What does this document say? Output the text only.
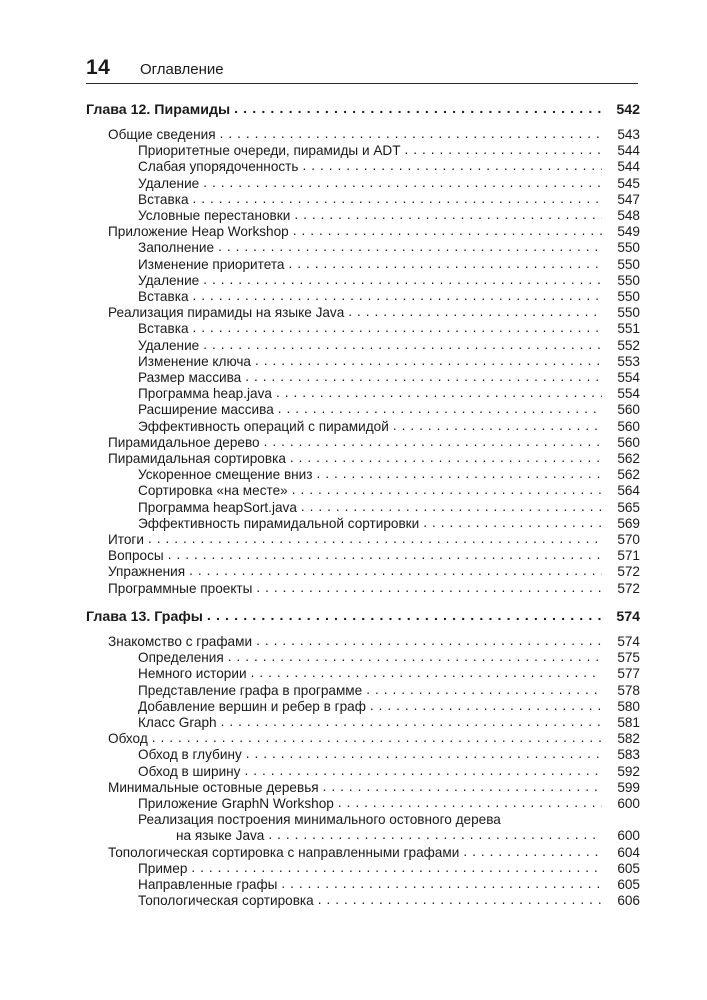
14 Оглавление
Глава 12. Пирамиды . . .	542
Общие сведения . . .	543
Приоритетные очереди, пирамиды и ADT . . .	544
Слабая упорядоченность . . .	544
Удаление . . .	545
Вставка . . .	547
Условные перестановки . . .	548
Приложение Heap Workshop . . .	549
Заполнение . . .	550
Изменение приоритета . . .	550
Удаление . . .	550
Вставка . . .	550
Реализация пирамиды на языке Java . . .	550
Вставка . . .	551
Удаление . . .	552
Изменение ключа . . .	553
Размер массива . . .	554
Программа heap.java . . .	554
Расширение массива . . .	560
Эффективность операций с пирамидой . . .	560
Пирамидальное дерево . . .	560
Пирамидальная сортировка . . .	562
Ускоренное смещение вниз . . .	562
Сортировка «на месте» . . .	564
Программа heapSort.java . . .	565
Эффективность пирамидальной сортировки . . .	569
Итоги . . .	570
Вопросы . . .	571
Упражнения . . .	572
Программные проекты . . .	572
Глава 13. Графы . . .	574
Знакомство с графами . . .	574
Определения . . .	575
Немного истории . . .	577
Представление графа в программе . . .	578
Добавление вершин и ребер в граф . . .	580
Класс Graph . . .	581
Обход . . .	582
Обход в глубину . . .	583
Обход в ширину . . .	592
Минимальные остовные деревья . . .	599
Приложение GraphN Workshop . . .	600
Реализация построения минимального остовного дерева
на языке Java . . .	600
Топологическая сортировка с направленными графами . . .	604
Пример . . .	605
Направленные графы . . .	605
Топологическая сортировка . . .	606
